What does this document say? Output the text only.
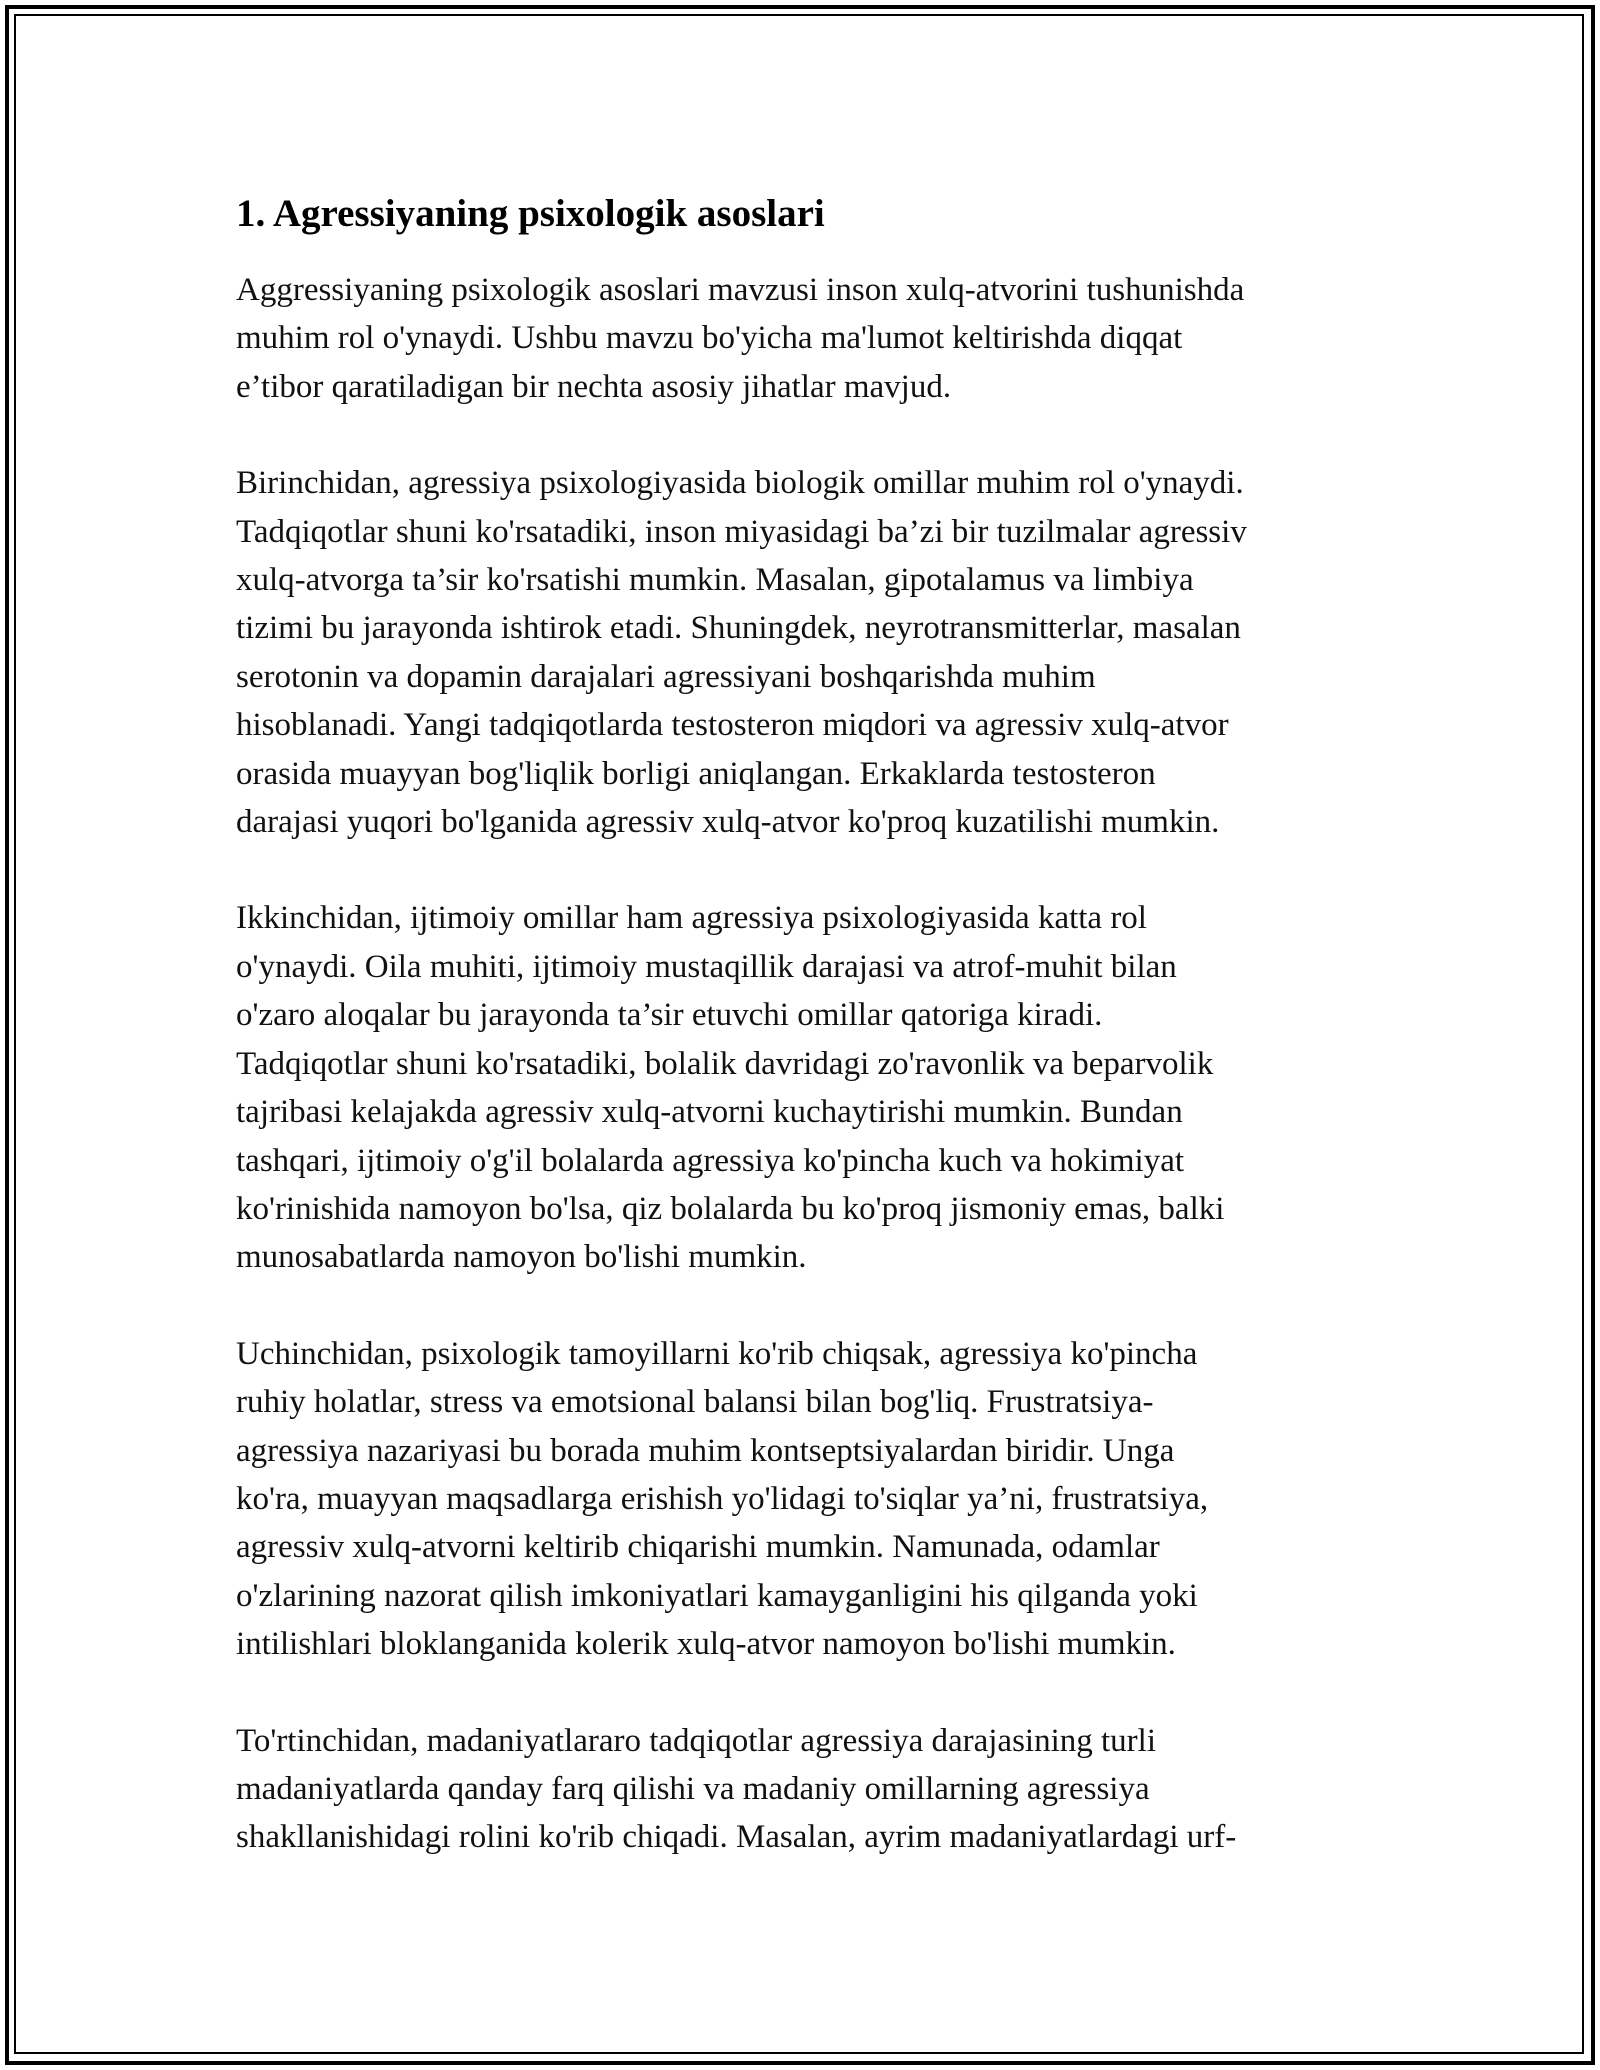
1. Agressiyaning psixologik asoslari

Aggressiyaning psixologik asoslari mavzusi inson xulq-atvorini tushunishda
muhim rol o'ynaydi. Ushbu mavzu bo'yicha ma'lumot keltirishda diqqat
e’tibor qaratiladigan bir nechta asosiy jihatlar mavjud.

Birinchidan, agressiya psixologiyasida biologik omillar muhim rol o'ynaydi.
Tadqiqotlar shuni ko'rsatadiki, inson miyasidagi ba’zi bir tuzilmalar agressiv
xulq-atvorga ta’sir ko'rsatishi mumkin. Masalan, gipotalamus va limbiya
tizimi bu jarayonda ishtirok etadi. Shuningdek, neyrotransmitterlar, masalan
serotonin va dopamin darajalari agressiyani boshqarishda muhim
hisoblanadi. Yangi tadqiqotlarda testosteron miqdori va agressiv xulq-atvor
orasida muayyan bog'liqlik borligi aniqlangan. Erkaklarda testosteron
darajasi yuqori bo'lganida agressiv xulq-atvor ko'proq kuzatilishi mumkin.

Ikkinchidan, ijtimoiy omillar ham agressiya psixologiyasida katta rol
o'ynaydi. Oila muhiti, ijtimoiy mustaqillik darajasi va atrof-muhit bilan
o'zaro aloqalar bu jarayonda ta’sir etuvchi omillar qatoriga kiradi.
Tadqiqotlar shuni ko'rsatadiki, bolalik davridagi zo'ravonlik va beparvolik
tajribasi kelajakda agressiv xulq-atvorni kuchaytirishi mumkin. Bundan
tashqari, ijtimoiy o'g'il bolalarda agressiya ko'pincha kuch va hokimiyat
ko'rinishida namoyon bo'lsa, qiz bolalarda bu ko'proq jismoniy emas, balki
munosabatlarda namoyon bo'lishi mumkin.

Uchinchidan, psixologik tamoyillarni ko'rib chiqsak, agressiya ko'pincha
ruhiy holatlar, stress va emotsional balansi bilan bog'liq. Frustratsiya-
agressiya nazariyasi bu borada muhim kontseptsiyalardan biridir. Unga
ko'ra, muayyan maqsadlarga erishish yo'lidagi to'siqlar ya’ni, frustratsiya,
agressiv xulq-atvorni keltirib chiqarishi mumkin. Namunada, odamlar
o'zlarining nazorat qilish imkoniyatlari kamayganligini his qilganda yoki
intilishlari bloklanganida kolerik xulq-atvor namoyon bo'lishi mumkin.

To'rtinchidan, madaniyatlararo tadqiqotlar agressiya darajasining turli
madaniyatlarda qanday farq qilishi va madaniy omillarning agressiya
shakllanishidagi rolini ko'rib chiqadi. Masalan, ayrim madaniyatlardagi urf-
